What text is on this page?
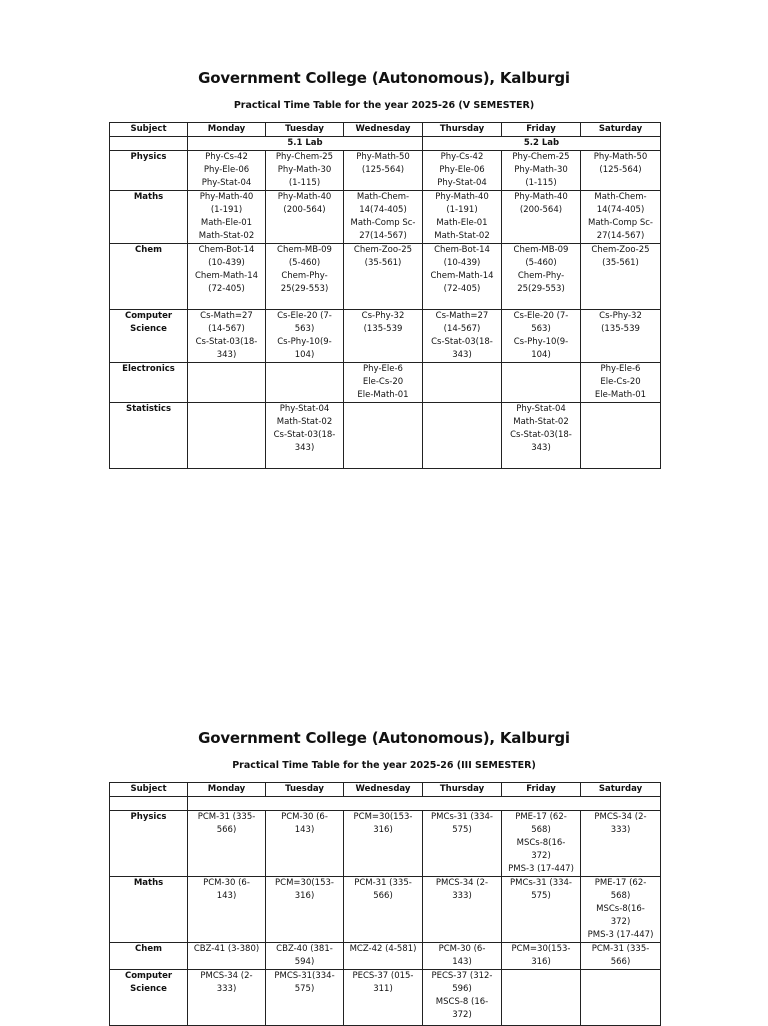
Government College (Autonomous), Kalburgi
Practical Time Table for the year 2025-26 (V SEMESTER)
Subject	Monday	Tuesday	Wednesday	Thursday	Friday	Saturday
	5.1 Lab			5.2 Lab		

Physics	Phy-Cs-42
Phy-Ele-06
Phy-Stat-04	Phy-Chem-25
Phy-Math-30
(1-115)	Phy-Math-50
(125-564)	Phy-Cs-42
Phy-Ele-06
Phy-Stat-04	Phy-Chem-25
Phy-Math-30
(1-115)	Phy-Math-50
(125-564)

Maths	Phy-Math-40
(1-191)
Math-Ele-01
Math-Stat-02	Phy-Math-40
(200-564)	Math-Chem-
14(74-405)
Math-Comp Sc-
27(14-567)	Phy-Math-40
(1-191)
Math-Ele-01
Math-Stat-02	Phy-Math-40
(200-564)	Math-Chem-
14(74-405)
Math-Comp Sc-
27(14-567)

Chem	Chem-Bot-14
(10-439)
Chem-Math-14
(72-405)	Chem-MB-09
(5-460)
Chem-Phy-
25(29-553)	Chem-Zoo-25
(35-561)	Chem-Bot-14
(10-439)
Chem-Math-14
(72-405)	Chem-MB-09
(5-460)
Chem-Phy-
25(29-553)	Chem-Zoo-25
(35-561)

Computer
Science	Cs-Math=27
(14-567)
Cs-Stat-03(18-
343)	Cs-Ele-20 (7-
563)
Cs-Phy-10(9-
104)	Cs-Phy-32
(135-539	Cs-Math=27
(14-567)
Cs-Stat-03(18-
343)	Cs-Ele-20 (7-
563)
Cs-Phy-10(9-
104)	Cs-Phy-32
(135-539

Electronics			Phy-Ele-6
Ele-Cs-20
Ele-Math-01			Phy-Ele-6
Ele-Cs-20
Ele-Math-01

Statistics		Phy-Stat-04
Math-Stat-02
Cs-Stat-03(18-
343)			Phy-Stat-04
Math-Stat-02
Cs-Stat-03(18-
343)	

Government College (Autonomous), Kalburgi
Practical Time Table for the year 2025-26 (III SEMESTER)
Subject	Monday	Tuesday	Wednesday	Thursday	Friday	Saturday

Physics	PCM-31 (335-
566)	PCM-30 (6-
143)	PCM=30(153-
316)	PMCs-31 (334-
575)	PME-17 (62-
568)
MSCs-8(16-
372)
PMS-3 (17-447)	PMCS-34 (2-
333)

Maths	PCM-30 (6-
143)	PCM=30(153-
316)	PCM-31 (335-
566)	PMCS-34 (2-
333)	PMCs-31 (334-
575)	PME-17 (62-
568)
MSCs-8(16-
372)
PMS-3 (17-447)

Chem	CBZ-41 (3-380)	CBZ-40 (381-
594)	MCZ-42 (4-581)	PCM-30 (6-
143)	PCM=30(153-
316)	PCM-31 (335-
566)

Computer
Science	PMCS-34 (2-
333)	PMCS-31(334-
575)	PECS-37 (015-
311)	PECS-37 (312-
596)
MSCS-8 (16-
372)		
